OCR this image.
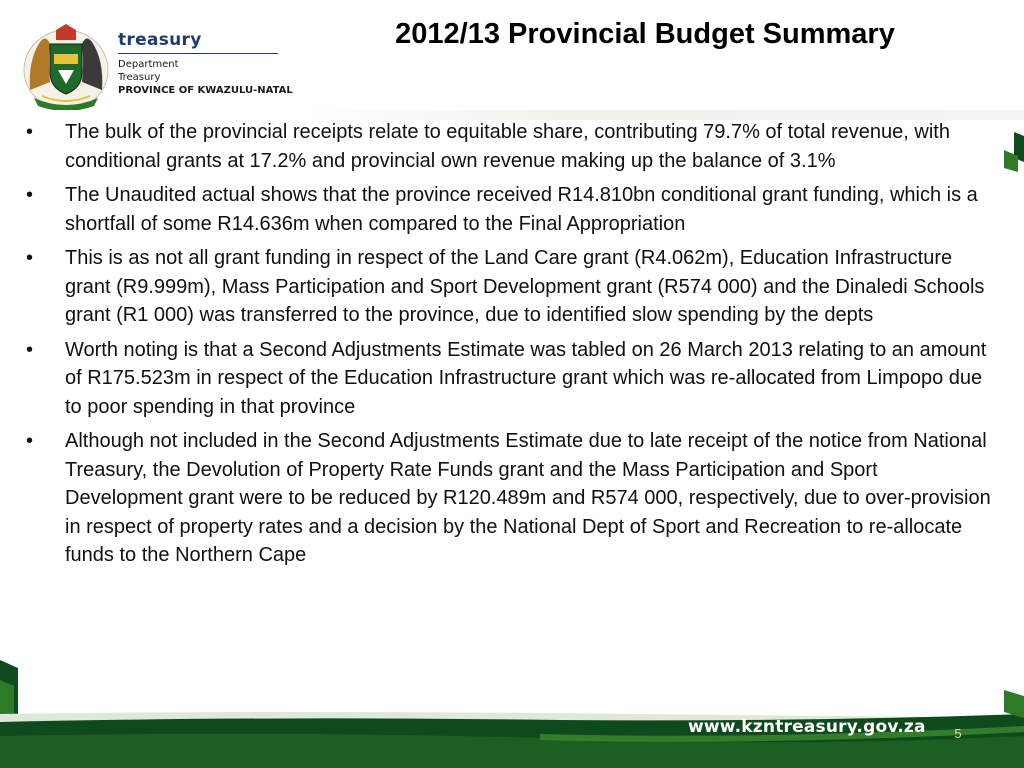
treasury
Department
Treasury
PROVINCE OF KWAZULU-NATAL
2012/13 Provincial Budget Summary
• The bulk of the provincial receipts relate to equitable share, contributing 79.7% of total revenue, with conditional grants at 17.2% and provincial own revenue making up the balance of 3.1%
• The Unaudited actual shows that the province received R14.810bn conditional grant funding, which is a shortfall of some R14.636m when compared to the Final Appropriation
• This is as not all grant funding in respect of the Land Care grant (R4.062m), Education Infrastructure grant (R9.999m), Mass Participation and Sport Development grant (R574 000) and the Dinaledi Schools grant (R1 000) was transferred to the province, due to identified slow spending by the depts
• Worth noting is that a Second Adjustments Estimate was tabled on 26 March 2013 relating to an amount of R175.523m in respect of the Education Infrastructure grant which was re-allocated from Limpopo due to poor spending in that province
• Although not included in the Second Adjustments Estimate due to late receipt of the notice from National Treasury, the Devolution of Property Rate Funds grant and the Mass Participation and Sport Development grant were to be reduced by R120.489m and R574 000, respectively, due to over-provision in respect of property rates and a decision by the National Dept of Sport and Recreation to re-allocate funds to the Northern Cape
www.kzntreasury.gov.za	5
